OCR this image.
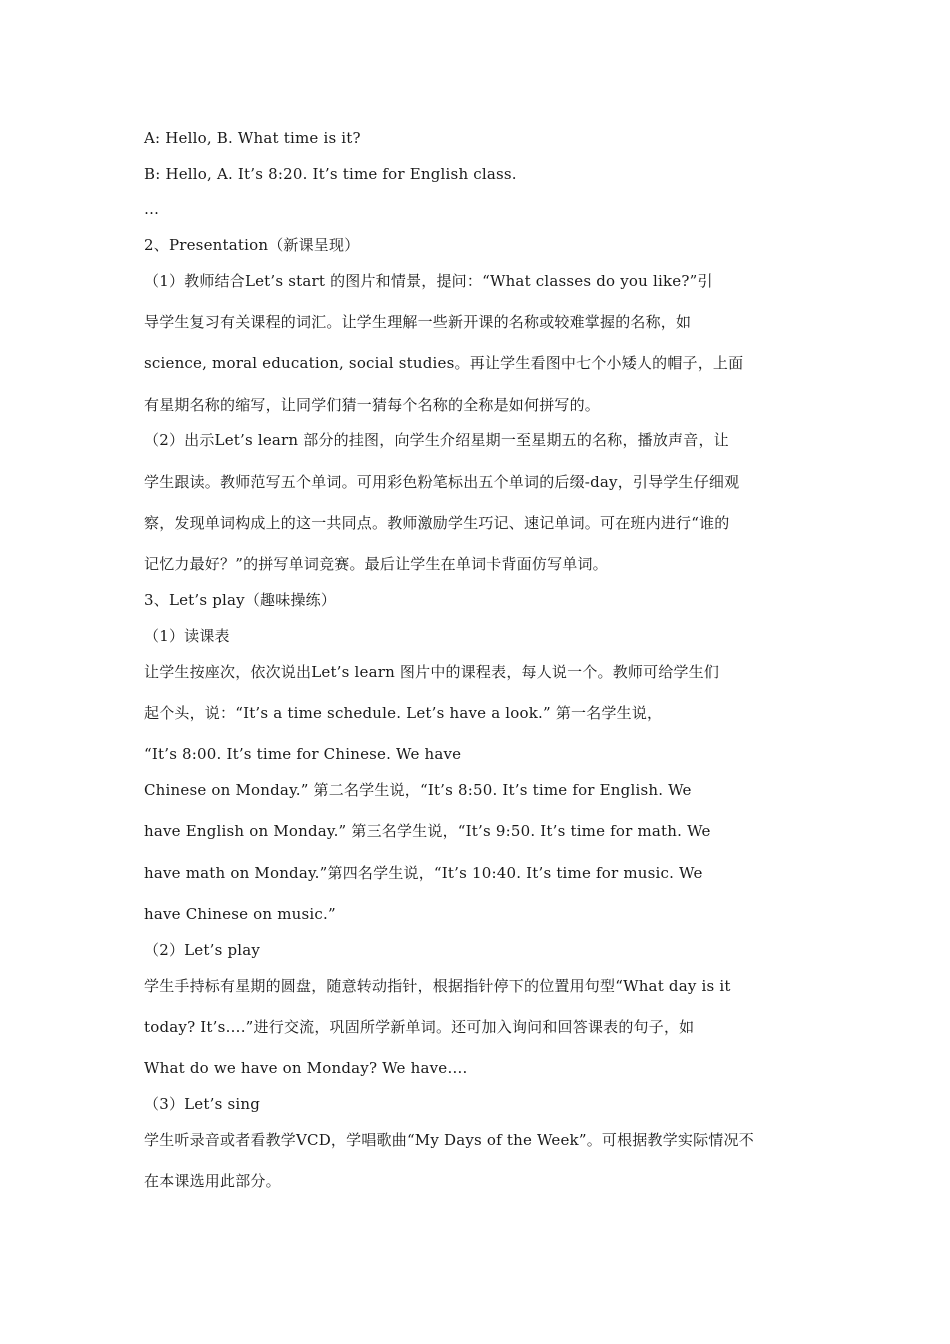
A: Hello, B. What time is it?
B: Hello, A. It’s 8:20. It’s time for English class.
…
2、Presentation（新课呈现）
（1）教师结合Let’s start 的图片和情景，提问：“What classes do you like?”引
导学生复习有关课程的词汇。让学生理解一些新开课的名称或较难掌握的名称，如
science, moral education, social studies。再让学生看图中七个小矮人的帽子，上面
有星期名称的缩写，让同学们猜一猜每个名称的全称是如何拼写的。
（2）出示Let’s learn 部分的挂图，向学生介绍星期一至星期五的名称，播放声音，让
学生跟读。教师范写五个单词。可用彩色粉笔标出五个单词的后缀-day，引导学生仔细观
察，发现单词构成上的这一共同点。教师激励学生巧记、速记单词。可在班内进行“谁的
记忆力最好？”的拼写单词竞赛。最后让学生在单词卡背面仿写单词。
3、Let’s play（趣味操练）
（1）读课表
让学生按座次，依次说出Let’s learn 图片中的课程表，每人说一个。教师可给学生们
起个头，说：“It’s a time schedule. Let’s have a look.” 第一名学生说，
“It’s 8:00. It’s time for Chinese. We have
Chinese on Monday.” 第二名学生说，“It’s 8:50. It’s time for English. We
have English on Monday.” 第三名学生说，“It’s 9:50. It’s time for math. We
have math on Monday.”第四名学生说，“It’s 10:40. It’s time for music. We
have Chinese on music.”
（2）Let’s play
学生手持标有星期的圆盘，随意转动指针，根据指针停下的位置用句型“What day is it
today? It’s….”进行交流，巩固所学新单词。还可加入询问和回答课表的句子，如
What do we have on Monday? We have….
（3）Let’s sing
学生听录音或者看教学VCD，学唱歌曲“My Days of the Week”。可根据教学实际情况不
在本课选用此部分。
